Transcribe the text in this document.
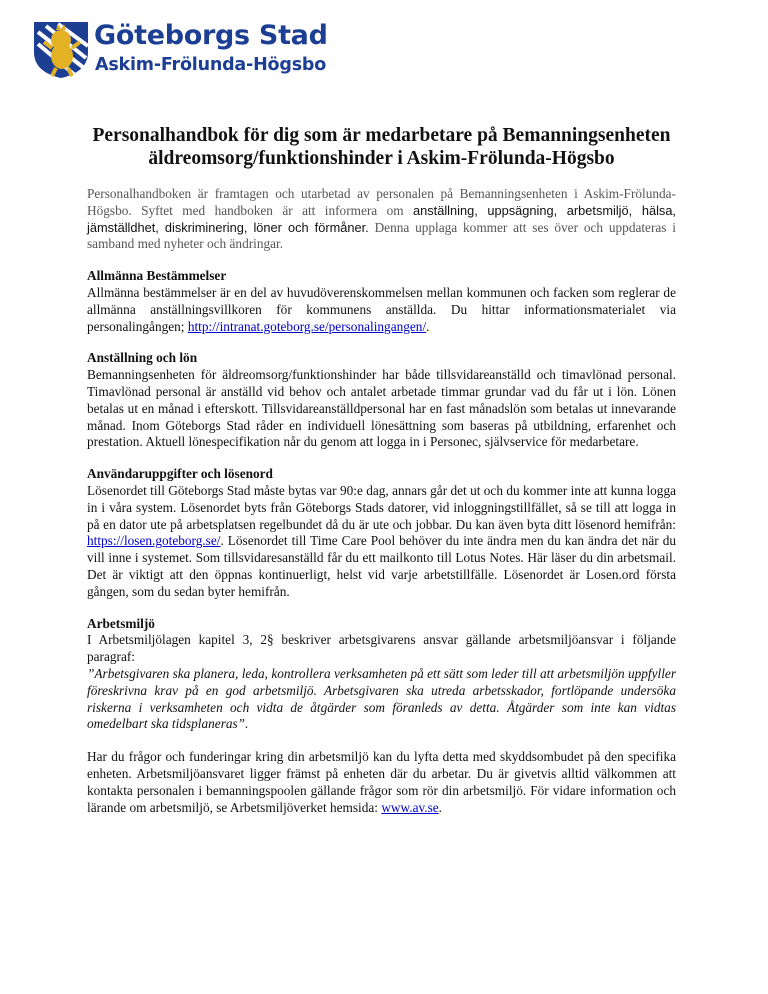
Göteborgs Stad
Askim-Frölunda-Högsbo
Personalhandbok för dig som är medarbetare på Bemanningsenheten äldreomsorg/funktionshinder i Askim-Frölunda-Högsbo

Personalhandboken är framtagen och utarbetad av personalen på Bemanningsenheten i Askim-Frölunda-Högsbo. Syftet med handboken är att informera om anställning, uppsägning, arbetsmiljö, hälsa, jämställdhet, diskriminering, löner och förmåner. Denna upplaga kommer att ses över och uppdateras i samband med nyheter och ändringar.

Allmänna Bestämmelser

Allmänna bestämmelser är en del av huvudöverenskommelsen mellan kommunen och facken som reglerar de allmänna anställningsvillkoren för kommunens anställda. Du hittar informationsmaterialet via personalingången; http://intranat.goteborg.se/personalingangen/.

Anställning och lön

Bemanningsenheten för äldreomsorg/funktionshinder har både tillsvidareanställd och timavlönad personal. Timavlönad personal är anställd vid behov och antalet arbetade timmar grundar vad du får ut i lön. Lönen betalas ut en månad i efterskott. Tillsvidareanställdpersonal har en fast månadslön som betalas ut innevarande månad. Inom Göteborgs Stad råder en individuell lönesättning som baseras på utbildning, erfarenhet och prestation. Aktuell lönespecifikation når du genom att logga in i Personec, självservice för medarbetare.

Användaruppgifter och lösenord

Lösenordet till Göteborgs Stad måste bytas var 90:e dag, annars går det ut och du kommer inte att kunna logga in i våra system. Lösenordet byts från Göteborgs Stads datorer, vid inloggningstillfället, så se till att logga in på en dator ute på arbetsplatsen regelbundet då du är ute och jobbar. Du kan även byta ditt lösenord hemifrån: https://losen.goteborg.se/. Lösenordet till Time Care Pool behöver du inte ändra men du kan ändra det när du vill inne i systemet. Som tillsvidaresanställd får du ett mailkonto till Lotus Notes. Här läser du din arbetsmail. Det är viktigt att den öppnas kontinuerligt, helst vid varje arbetstillfälle. Lösenordet är Losen.ord första gången, som du sedan byter hemifrån.

Arbetsmiljö

I Arbetsmiljölagen kapitel 3, 2§ beskriver arbetsgivarens ansvar gällande arbetsmiljöansvar i följande paragraf:

”Arbetsgivaren ska planera, leda, kontrollera verksamheten på ett sätt som leder till att arbetsmiljön uppfyller föreskrivna krav på en god arbetsmiljö. Arbetsgivaren ska utreda arbetsskador, fortlöpande undersöka riskerna i verksamheten och vidta de åtgärder som föranleds av detta. Åtgärder som inte kan vidtas omedelbart ska tidsplaneras”.

Har du frågor och funderingar kring din arbetsmiljö kan du lyfta detta med skyddsombudet på den specifika enheten. Arbetsmiljöansvaret ligger främst på enheten där du arbetar. Du är givetvis alltid välkommen att kontakta personalen i bemanningspoolen gällande frågor som rör din arbetsmiljö. För vidare information och lärande om arbetsmiljö, se Arbetsmiljöverket hemsida: www.av.se.
